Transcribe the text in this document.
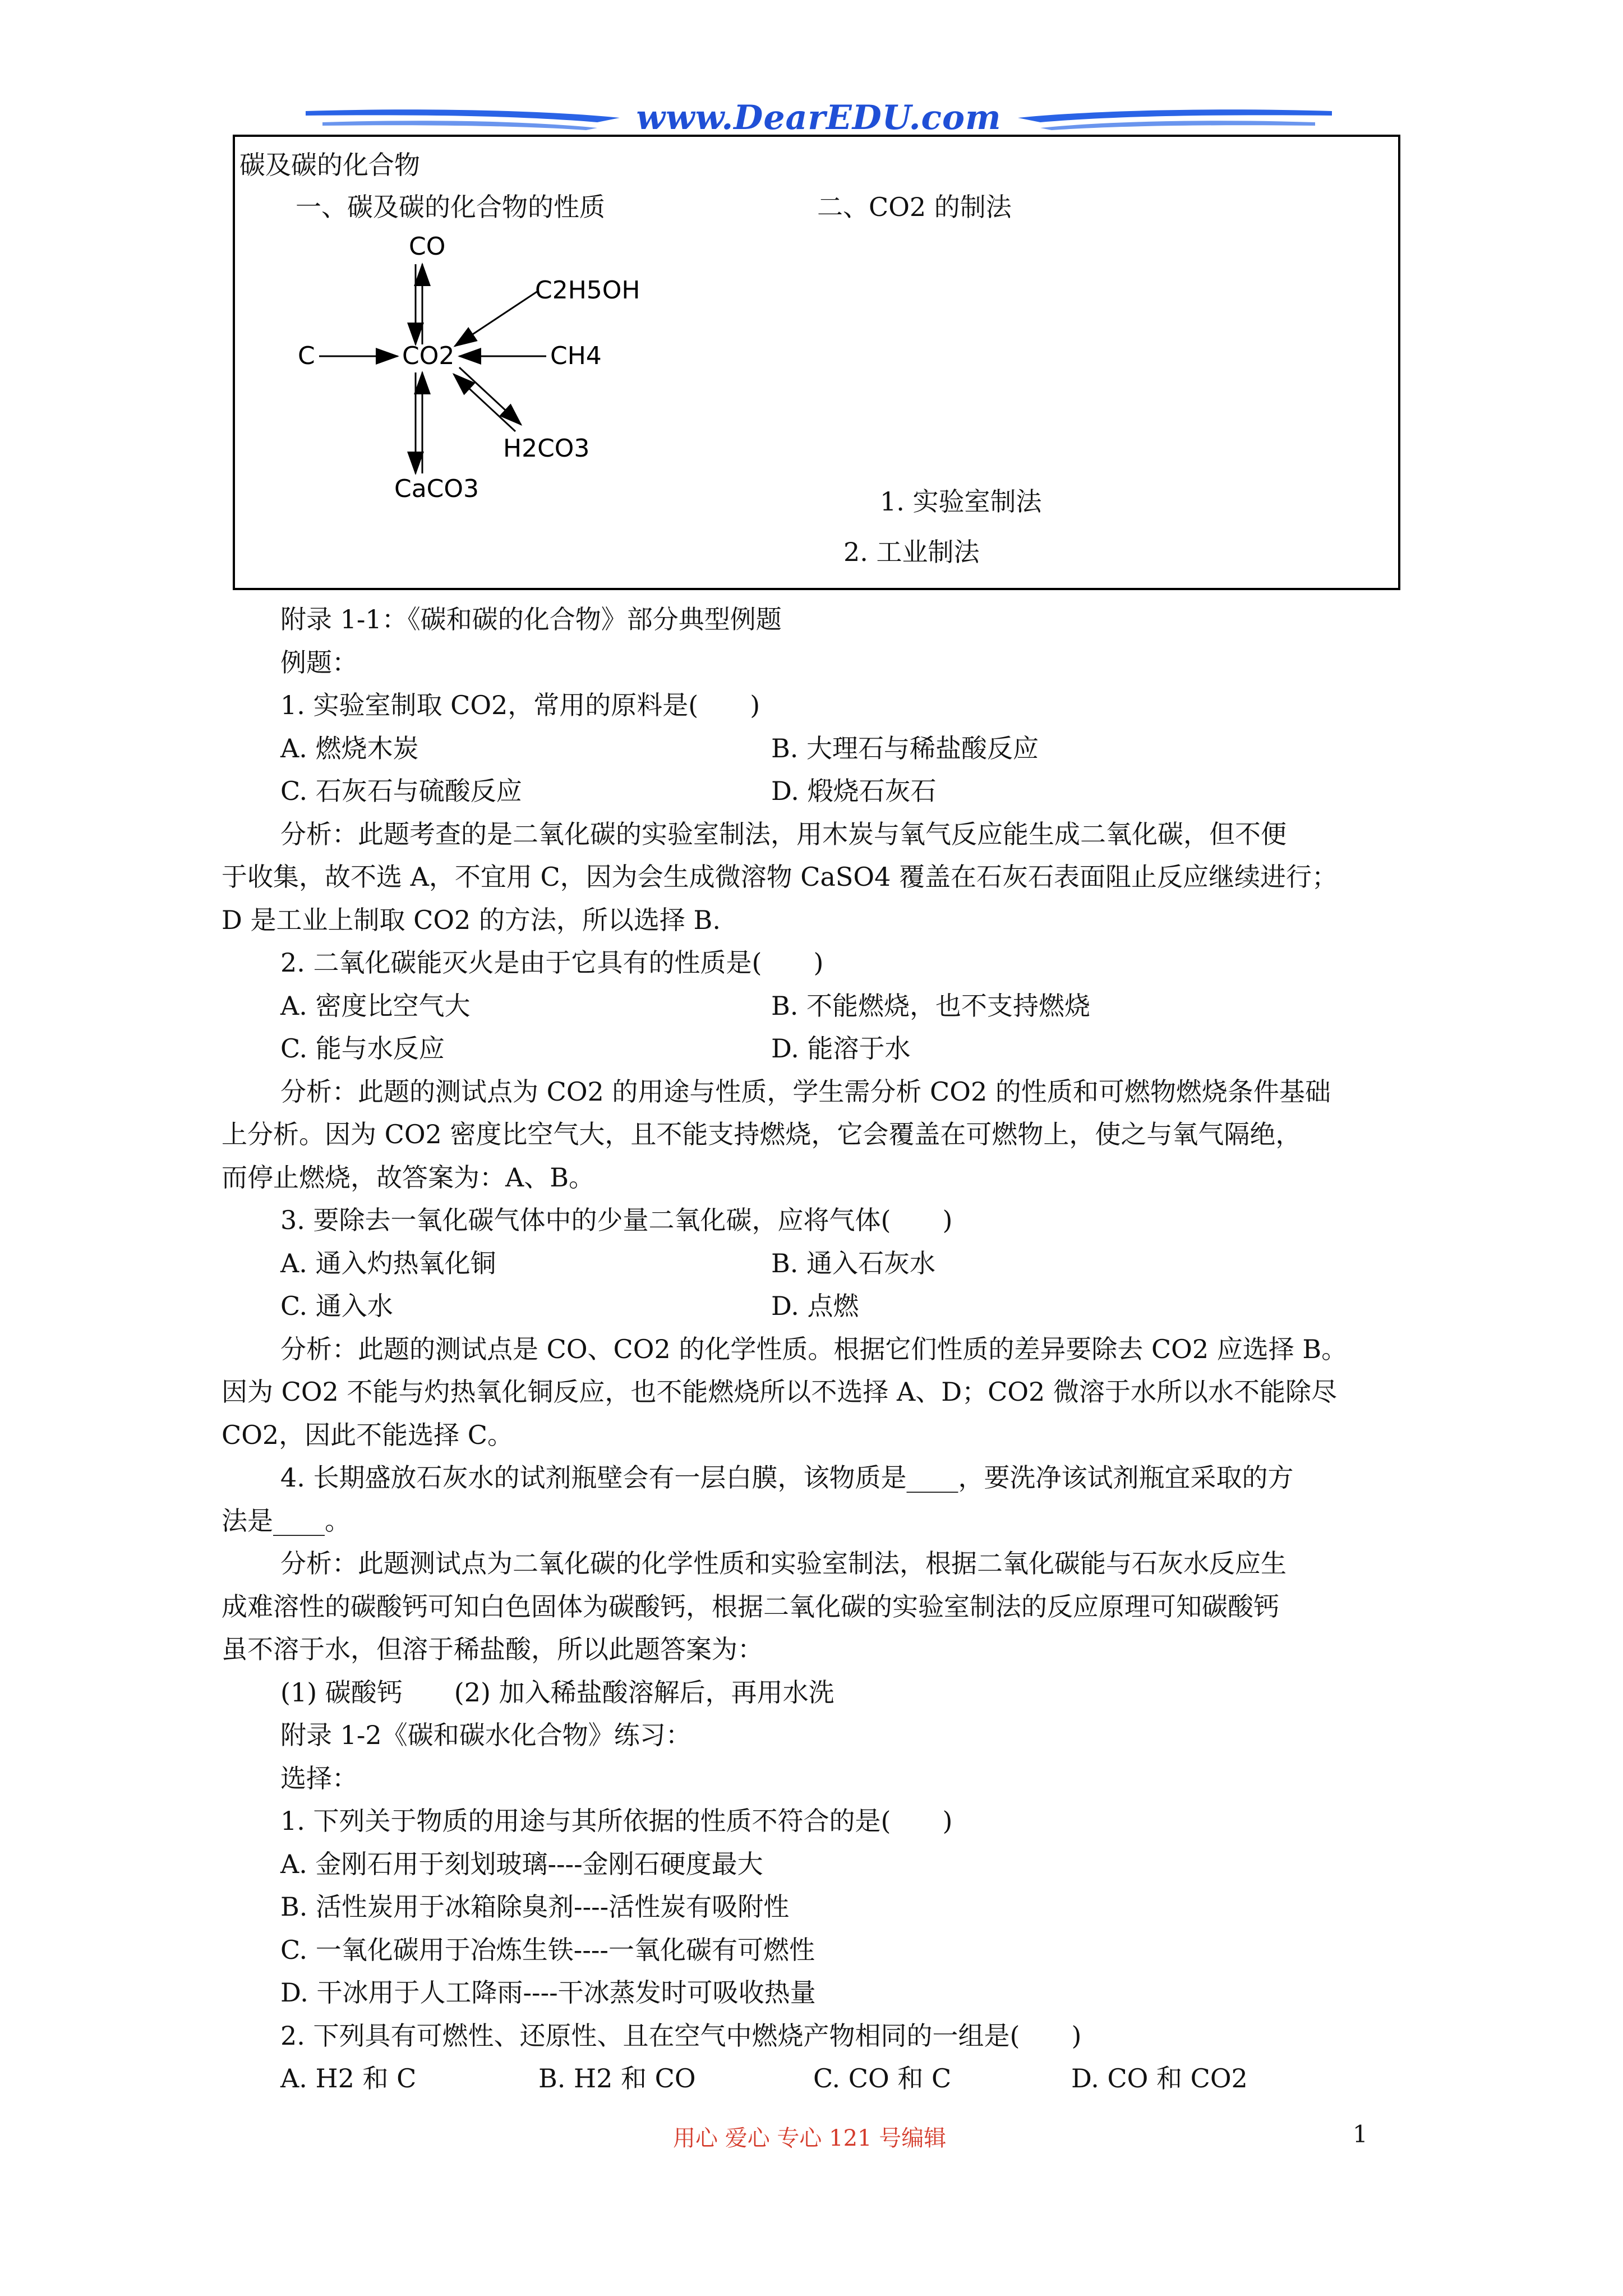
www.DearEDU.com
碳及碳的化合物
一、碳及碳的化合物的性质	二、CO2 的制法
CO
C2H5OH
C	CO2	CH4
H2CO3
CaCO3	1. 实验室制法
2. 工业制法
附录 1-1：《碳和碳的化合物》部分典型例题
例题：
1. 实验室制取 CO2，常用的原料是(　　)
A. 燃烧木炭	B. 大理石与稀盐酸反应
C. 石灰石与硫酸反应	D. 煅烧石灰石
分析：此题考查的是二氧化碳的实验室制法，用木炭与氧气反应能生成二氧化碳，但不便
于收集，故不选 A，不宜用 C，因为会生成微溶物 CaSO4 覆盖在石灰石表面阻止反应继续进行；
D 是工业上制取 CO2 的方法，所以选择 B.
2. 二氧化碳能灭火是由于它具有的性质是(　　)
A. 密度比空气大	B. 不能燃烧，也不支持燃烧
C. 能与水反应	D. 能溶于水
分析：此题的测试点为 CO2 的用途与性质，学生需分析 CO2 的性质和可燃物燃烧条件基础
上分析。因为 CO2 密度比空气大，且不能支持燃烧，它会覆盖在可燃物上，使之与氧气隔绝，
而停止燃烧，故答案为：A、B。
3. 要除去一氧化碳气体中的少量二氧化碳，应将气体(　　)
A. 通入灼热氧化铜	B. 通入石灰水
C. 通入水	D. 点燃
分析：此题的测试点是 CO、CO2 的化学性质。根据它们性质的差异要除去 CO2 应选择 B。
因为 CO2 不能与灼热氧化铜反应，也不能燃烧所以不选择 A、D；CO2 微溶于水所以水不能除尽
CO2，因此不能选择 C。
4. 长期盛放石灰水的试剂瓶壁会有一层白膜，该物质是____，要洗净该试剂瓶宜采取的方
法是____。
分析：此题测试点为二氧化碳的化学性质和实验室制法，根据二氧化碳能与石灰水反应生
成难溶性的碳酸钙可知白色固体为碳酸钙，根据二氧化碳的实验室制法的反应原理可知碳酸钙
虽不溶于水，但溶于稀盐酸，所以此题答案为：
(1) 碳酸钙　　(2) 加入稀盐酸溶解后，再用水洗
附录 1-2《碳和碳水化合物》练习：
选择：
1. 下列关于物质的用途与其所依据的性质不符合的是(　　)
A. 金刚石用于刻划玻璃----金刚石硬度最大
B. 活性炭用于冰箱除臭剂----活性炭有吸附性
C. 一氧化碳用于冶炼生铁----一氧化碳有可燃性
D. 干冰用于人工降雨----干冰蒸发时可吸收热量
2. 下列具有可燃性、还原性、且在空气中燃烧产物相同的一组是(　　)
A. H2 和 C	B. H2 和 CO	C. CO 和 C	D. CO 和 CO2
用心 爱心 专心 121 号编辑	1
